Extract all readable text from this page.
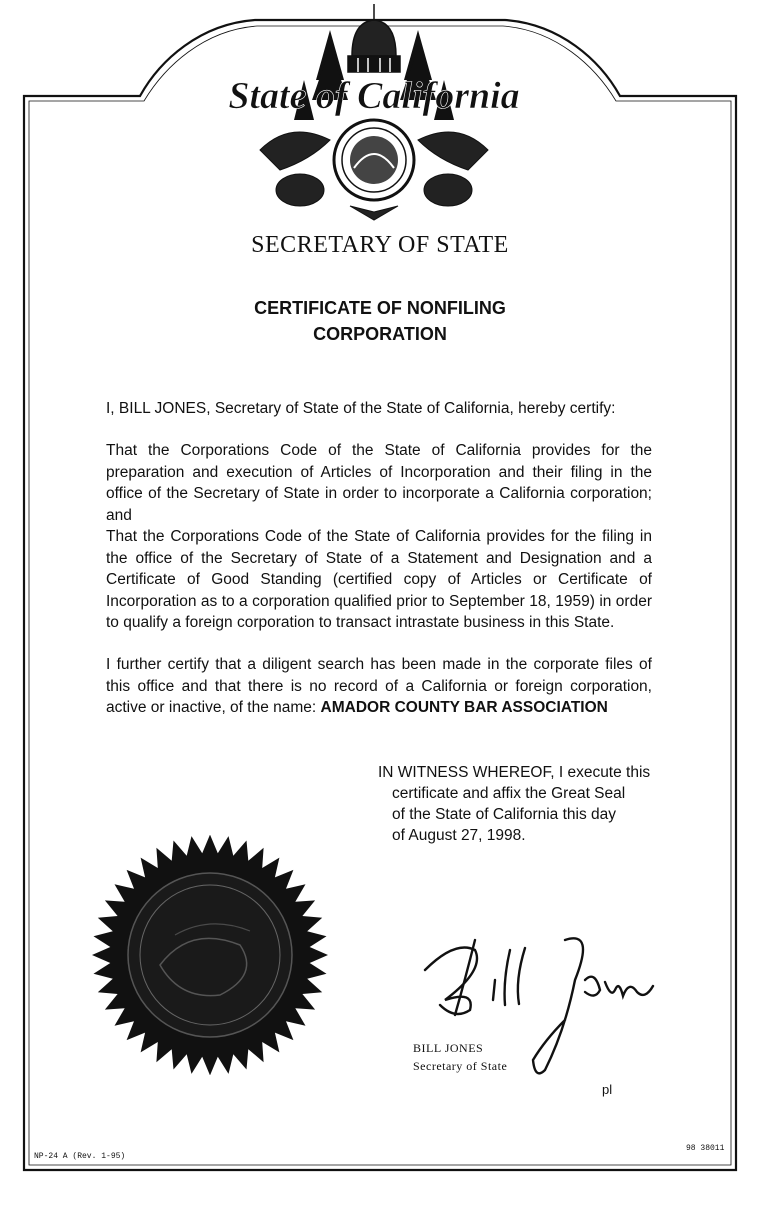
State of California
SECRETARY OF STATE
CERTIFICATE OF NONFILING
CORPORATION
I, BILL JONES, Secretary of State of the State of California, hereby certify:
That the Corporations Code of the State of California provides for the preparation and execution of Articles of Incorporation and their filing in the office of the Secretary of State in order to incorporate a California corporation; and
That the Corporations Code of the State of California provides for the filing in the office of the Secretary of State of a Statement and Designation and a Certificate of Good Standing (certified copy of Articles or Certificate of Incorporation as to a corporation qualified prior to September 18, 1959) in order to qualify a foreign corporation to transact intrastate business in this State.
I further certify that a diligent search has been made in the corporate files of this office and that there is no record of a California or foreign corporation, active or inactive, of the name: AMADOR COUNTY BAR ASSOCIATION
IN WITNESS WHEREOF, I execute this
certificate and affix the Great Seal
of the State of California this day
of August 27, 1998.
BILL JONES
Secretary of State
pl
NP-24 A (Rev. 1-95)
98 38011
